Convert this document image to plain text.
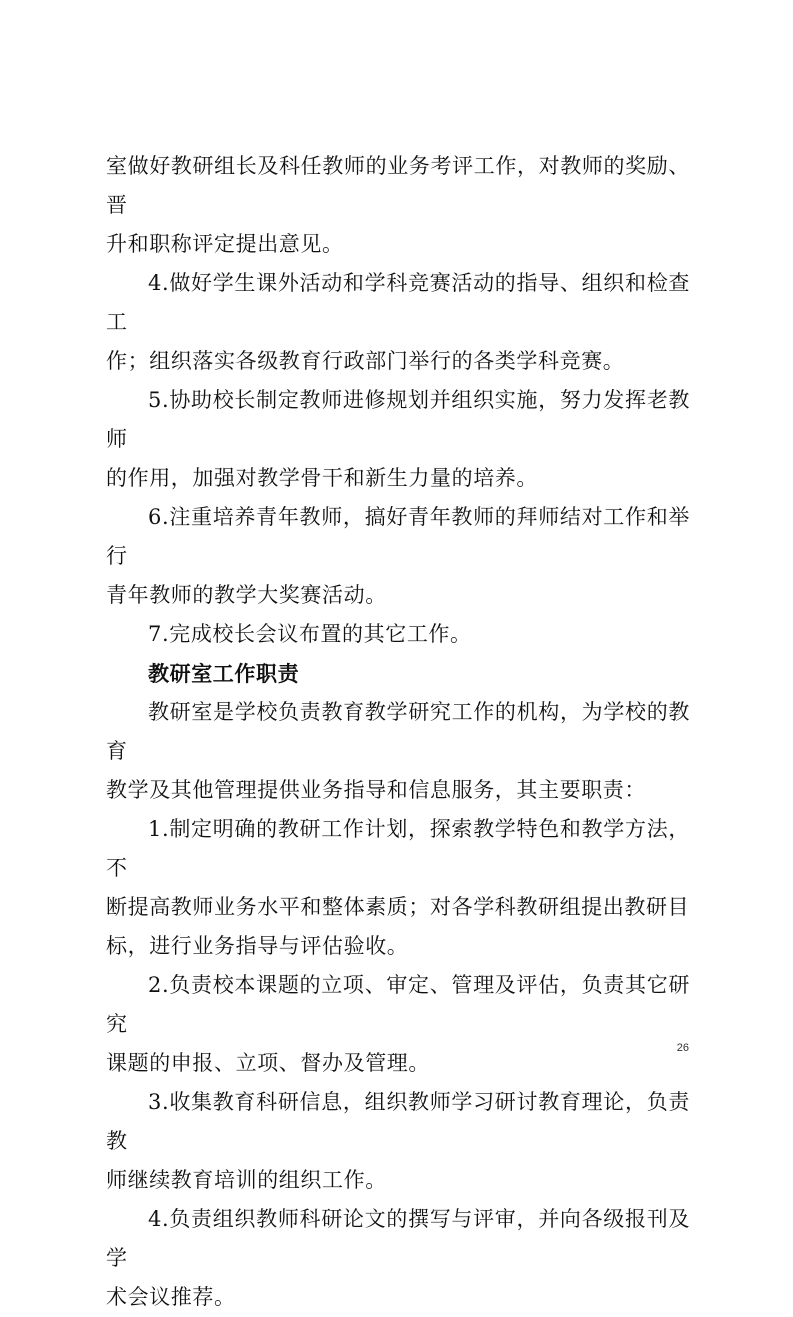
室做好教研组长及科任教师的业务考评工作，对教师的奖励、晋
升和职称评定提出意见。

4.做好学生课外活动和学科竞赛活动的指导、组织和检查工
作；组织落实各级教育行政部门举行的各类学科竞赛。

5.协助校长制定教师进修规划并组织实施，努力发挥老教师
的作用，加强对教学骨干和新生力量的培养。

6.注重培养青年教师，搞好青年教师的拜师结对工作和举行
青年教师的教学大奖赛活动。

7.完成校长会议布置的其它工作。

教研室工作职责

教研室是学校负责教育教学研究工作的机构，为学校的教育
教学及其他管理提供业务指导和信息服务，其主要职责：

1.制定明确的教研工作计划，探索教学特色和教学方法，不
断提高教师业务水平和整体素质；对各学科教研组提出教研目
标，进行业务指导与评估验收。

2.负责校本课题的立项、审定、管理及评估，负责其它研究
课题的申报、立项、督办及管理。

3.收集教育科研信息，组织教师学习研讨教育理论，负责教
师继续教育培训的组织工作。

4.负责组织教师科研论文的撰写与评审，并向各级报刊及学
术会议推荐。

26
